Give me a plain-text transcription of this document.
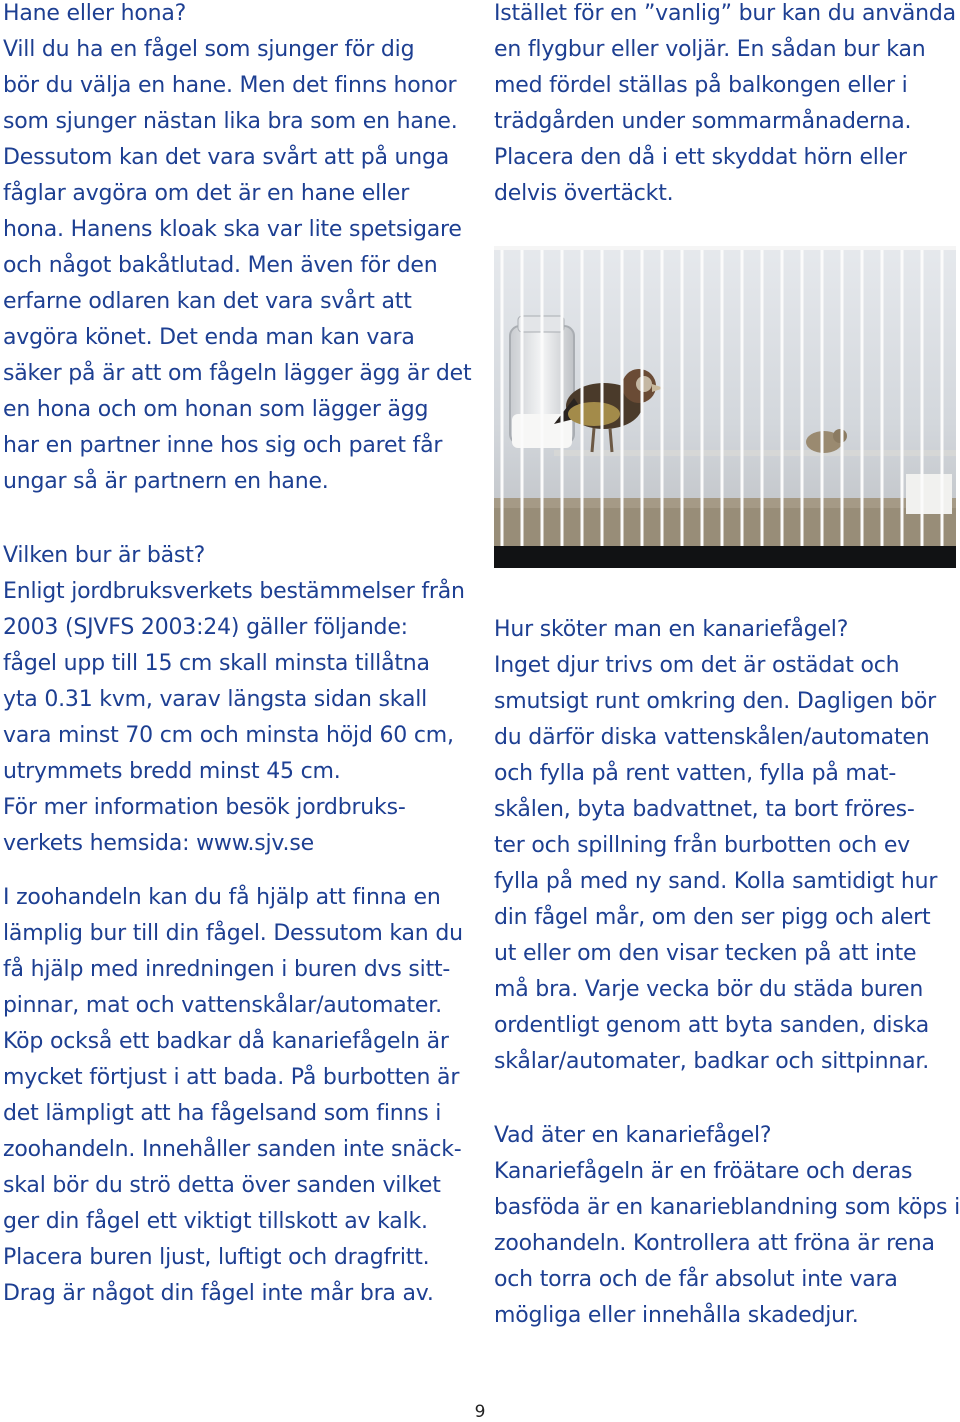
Hane eller hona?

Vill du ha en fågel som sjunger för dig

bör du välja en hane. Men det finns honor

som sjunger nästan lika bra som en hane.

Dessutom kan det vara svårt att på unga

fåglar avgöra om det är en hane eller

hona. Hanens kloak ska var lite spetsigare

och något bakåtlutad. Men även för den

erfarne odlaren kan det vara svårt att

avgöra könet. Det enda man kan vara

säker på är att om fågeln lägger ägg är det

en hona och om honan som lägger ägg

har en partner inne hos sig och paret får

ungar så är partnern en hane.

Vilken bur är bäst?

Enligt jordbruksverkets bestämmelser från

2003 (SJVFS 2003:24) gäller följande:

fågel upp till 15 cm skall minsta tillåtna

yta 0.31 kvm, varav längsta sidan skall

vara minst 70 cm och minsta höjd 60 cm,

utrymmets bredd minst 45 cm.

För mer information besök jordbruks-

verkets hemsida: www.sjv.se

I zoohandeln kan du få hjälp att finna en

lämplig bur till din fågel. Dessutom kan du

få hjälp med inredningen i buren dvs sitt-

pinnar, mat och vattenskålar/automater.

Köp också ett badkar då kanariefågeln är

mycket förtjust i att bada. På burbotten är

det lämpligt att ha fågelsand som finns i

zoohandeln. Innehåller sanden inte snäck-

skal bör du strö detta över sanden vilket

ger din fågel ett viktigt tillskott av kalk.

Placera buren ljust, luftigt och dragfritt.

Drag är något din fågel inte mår bra av.

Istället för en ”vanlig” bur kan du använda

en flygbur eller voljär. En sådan bur kan

med fördel ställas på balkongen eller i

trädgården under sommarmånaderna.

Placera den då i ett skyddat hörn eller

delvis övertäckt.

Hur sköter man en kanariefågel?

Inget djur trivs om det är ostädat och

smutsigt runt omkring den. Dagligen bör

du därför diska vattenskålen/automaten

och fylla på rent vatten, fylla på mat-

skålen, byta badvattnet, ta bort fröres-

ter och spillning från burbotten och ev

fylla på med ny sand. Kolla samtidigt hur

din fågel mår, om den ser pigg och alert

ut eller om den visar tecken på att inte

må bra. Varje vecka bör du städa buren

ordentligt genom att byta sanden, diska

skålar/automater, badkar och sittpinnar.

Vad äter en kanariefågel?

Kanariefågeln är en fröätare och deras

basföda är en kanarieblandning som köps i

zoohandeln. Kontrollera att fröna är rena

och torra och de får absolut inte vara

mögliga eller innehålla skadedjur.

9
